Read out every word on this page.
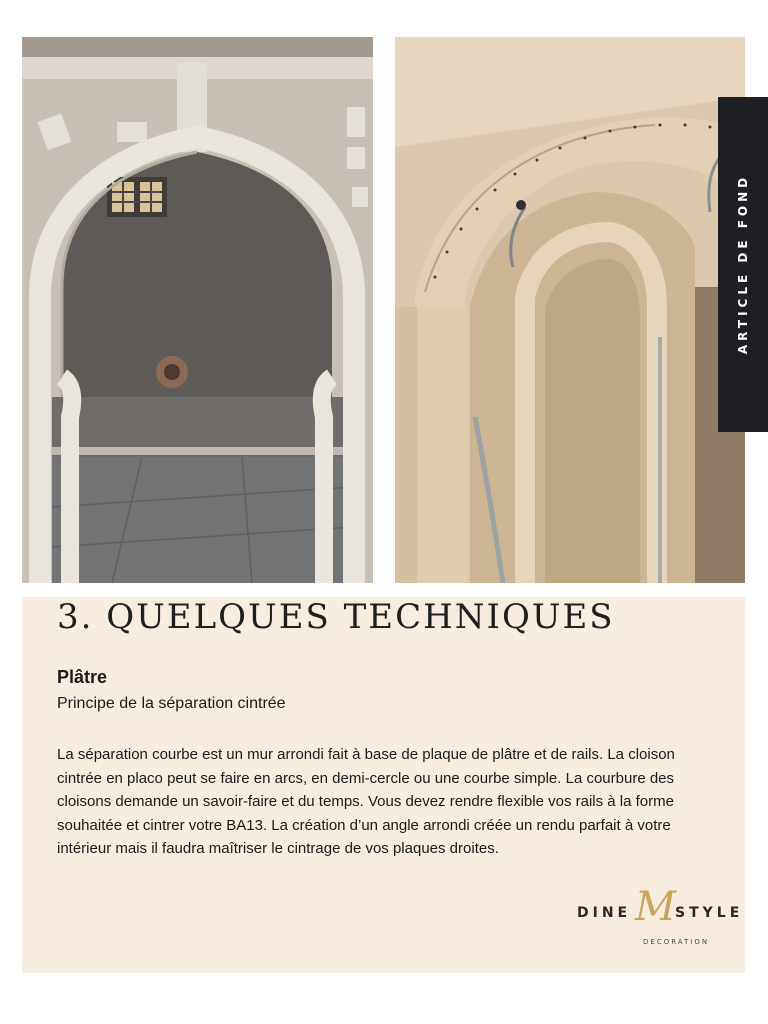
ARTICLE DE FOND
3. QUELQUES TECHNIQUES
Plâtre
Principe de la séparation cintrée
La séparation courbe est un mur arrondi fait à base de plaque de plâtre et de rails. La cloison cintrée en placo peut se faire en arcs, en demi-cercle ou une courbe simple. La courbure des cloisons demande un savoir-faire et du temps. Vous devez rendre flexible vos rails à la forme souhaitée et cintrer votre BA13. La création d’un angle arrondi créée un rendu parfait à votre intérieur mais il faudra maîtriser le cintrage de vos plaques droites.
DINE M STYLE
DECORATION
